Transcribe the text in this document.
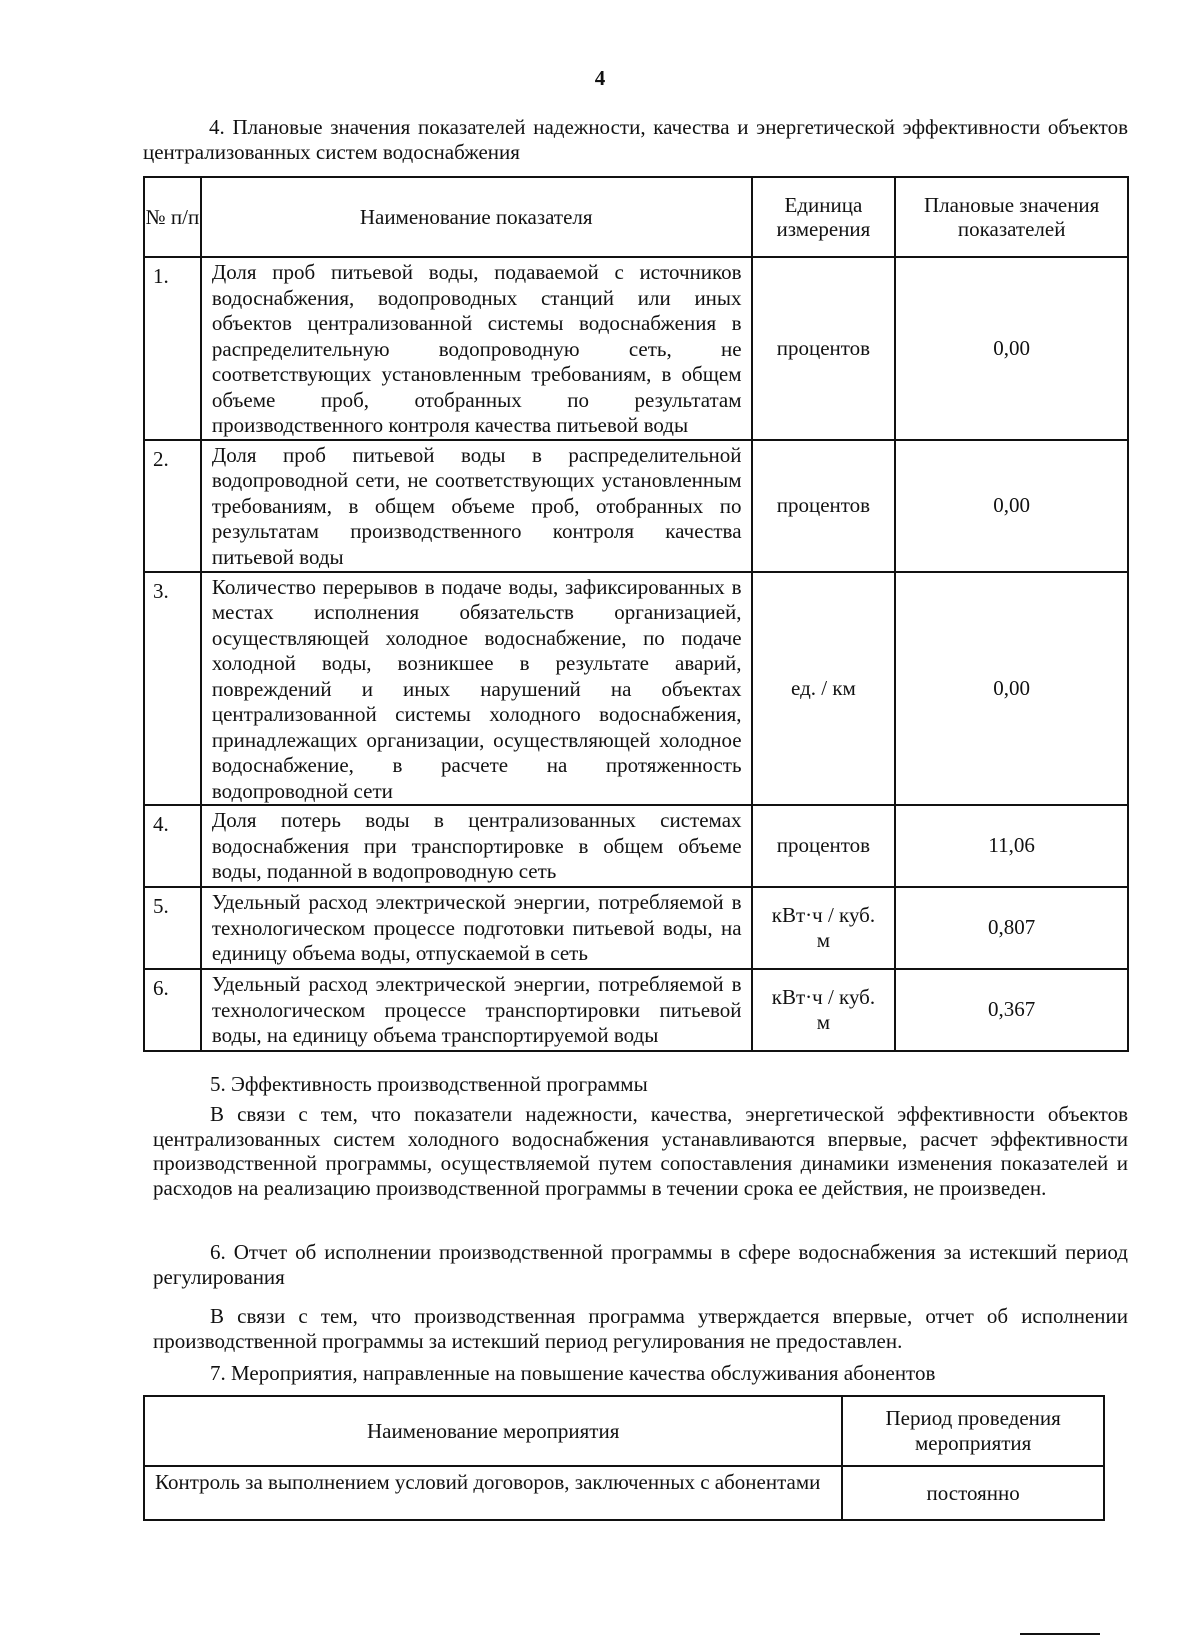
4
4. Плановые значения показателей надежности, качества и энергетической эффективности объектов централизованных систем водоснабжения
№ п/п	Наименование показателя	Единица измерения	Плановые значения показателей
1.	Доля проб питьевой воды, подаваемой с источников водоснабжения, водопроводных станций или иных объектов централизованной системы водоснабжения в распределительную водопроводную сеть, не соответствующих установленным требованиям, в общем объеме проб, отобранных по результатам производственного контроля качества питьевой воды	процентов	0,00
2.	Доля проб питьевой воды в распределительной водопроводной сети, не соответствующих установленным требованиям, в общем объеме проб, отобранных по результатам производственного контроля качества питьевой воды	процентов	0,00
3.	Количество перерывов в подаче воды, зафиксированных в местах исполнения обязательств организацией, осуществляющей холодное водоснабжение, по подаче холодной воды, возникшее в результате аварий, повреждений и иных нарушений на объектах централизованной системы холодного водоснабжения, принадлежащих организации, осуществляющей холодное водоснабжение, в расчете на протяженность водопроводной сети	ед. / км	0,00
4.	Доля потерь воды в централизованных системах водоснабжения при транспортировке в общем объеме воды, поданной в водопроводную сеть	процентов	11,06
5.	Удельный расход электрической энергии, потребляемой в технологическом процессе подготовки питьевой воды, на единицу объема воды, отпускаемой в сеть	кВт·ч / куб. м	0,807
6.	Удельный расход электрической энергии, потребляемой в технологическом процессе транспортировки питьевой воды, на единицу объема транспортируемой воды	кВт·ч / куб. м	0,367
5. Эффективность производственной программы
В связи с тем, что показатели надежности, качества, энергетической эффективности объектов централизованных систем холодного водоснабжения устанавливаются впервые, расчет эффективности производственной программы, осуществляемой путем сопоставления динамики изменения показателей и расходов на реализацию производственной программы в течении срока ее действия, не произведен.
6. Отчет об исполнении производственной программы в сфере водоснабжения за истекший период регулирования
В связи с тем, что производственная программа утверждается впервые, отчет об исполнении производственной программы за истекший период регулирования не предоставлен.
7. Мероприятия, направленные на повышение качества обслуживания абонентов
Наименование мероприятия	Период проведения мероприятия
Контроль за выполнением условий договоров, заключенных с абонентами	постоянно
